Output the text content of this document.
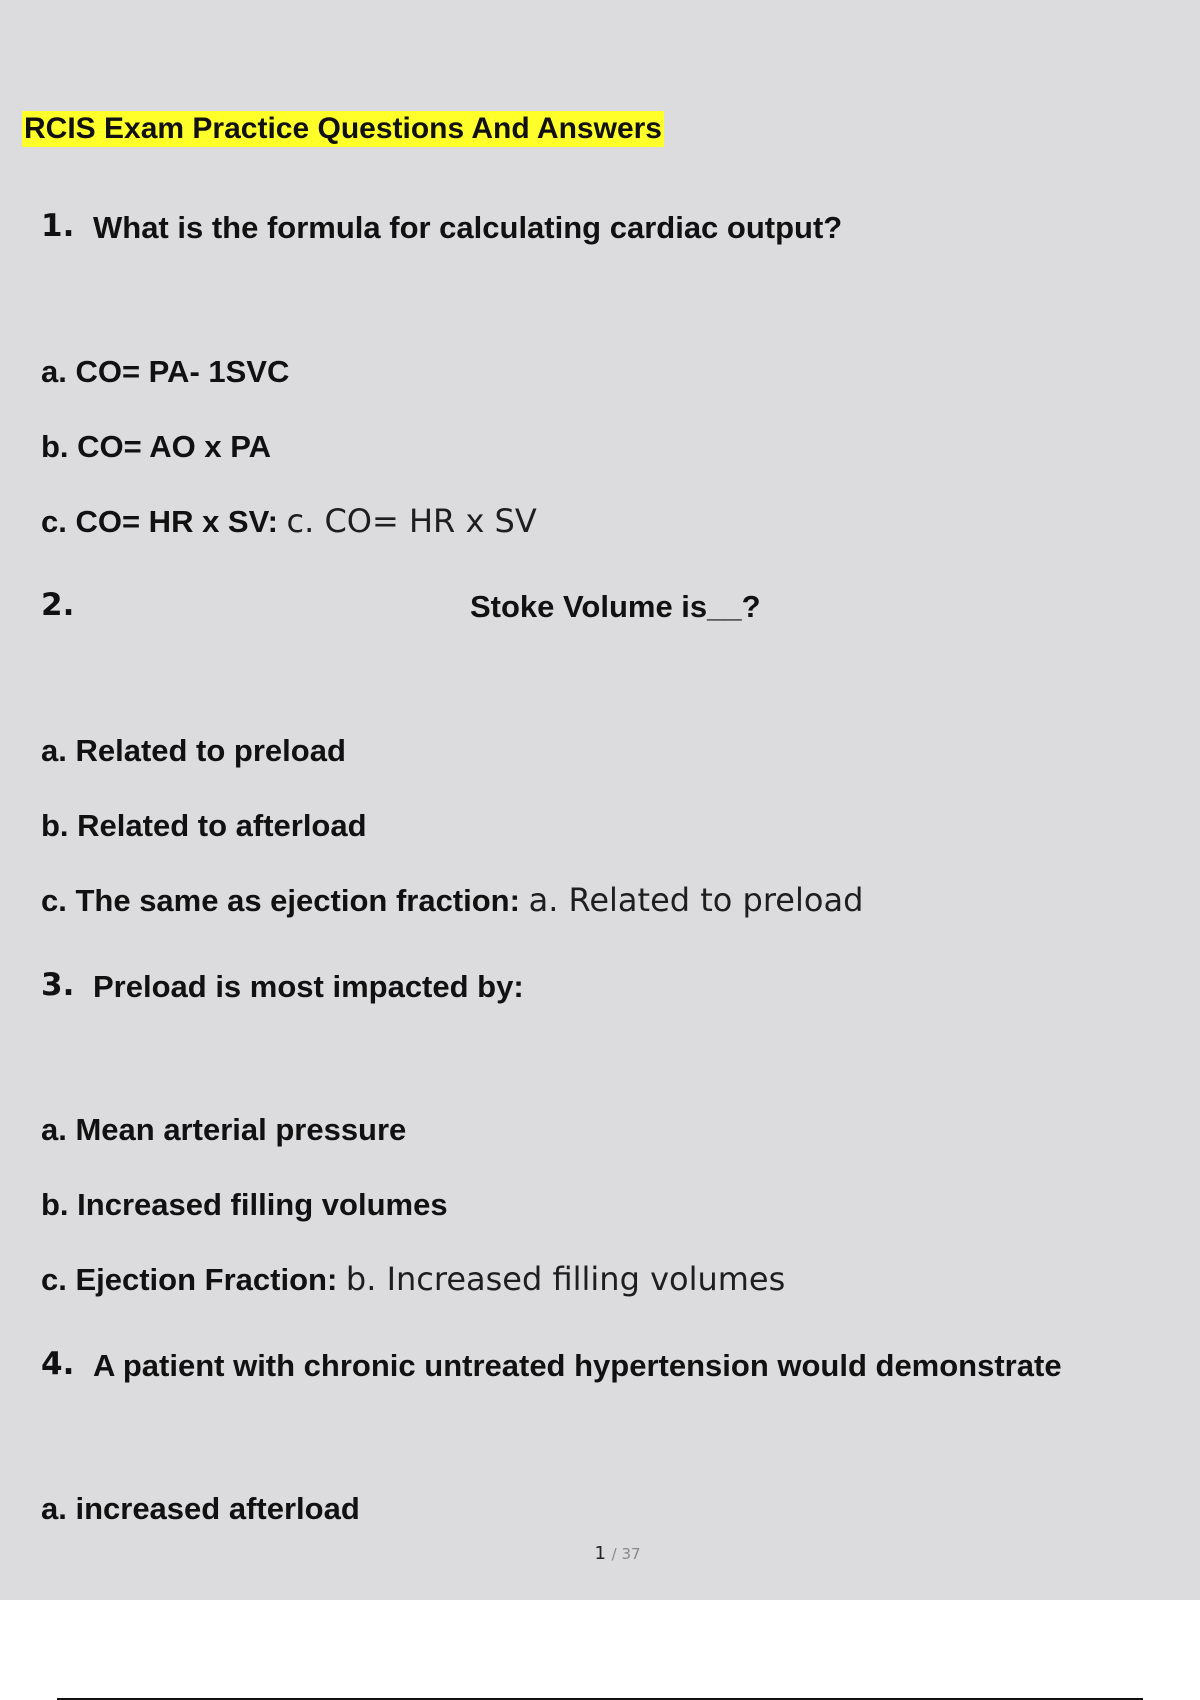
RCIS Exam Practice Questions And Answers
1. What is the formula for calculating cardiac output?
a. CO= PA- 1SVC
b. CO= AO x PA
c. CO= HR x SV: c. CO= HR x SV
2.	Stoke Volume is__?
a. Related to preload
b. Related to afterload
c. The same as ejection fraction: a. Related to preload
3. Preload is most impacted by:
a. Mean arterial pressure
b. Increased filling volumes
c. Ejection Fraction: b. Increased filling volumes
4. A patient with chronic untreated hypertension would demonstrate
a. increased afterload
1 / 37
